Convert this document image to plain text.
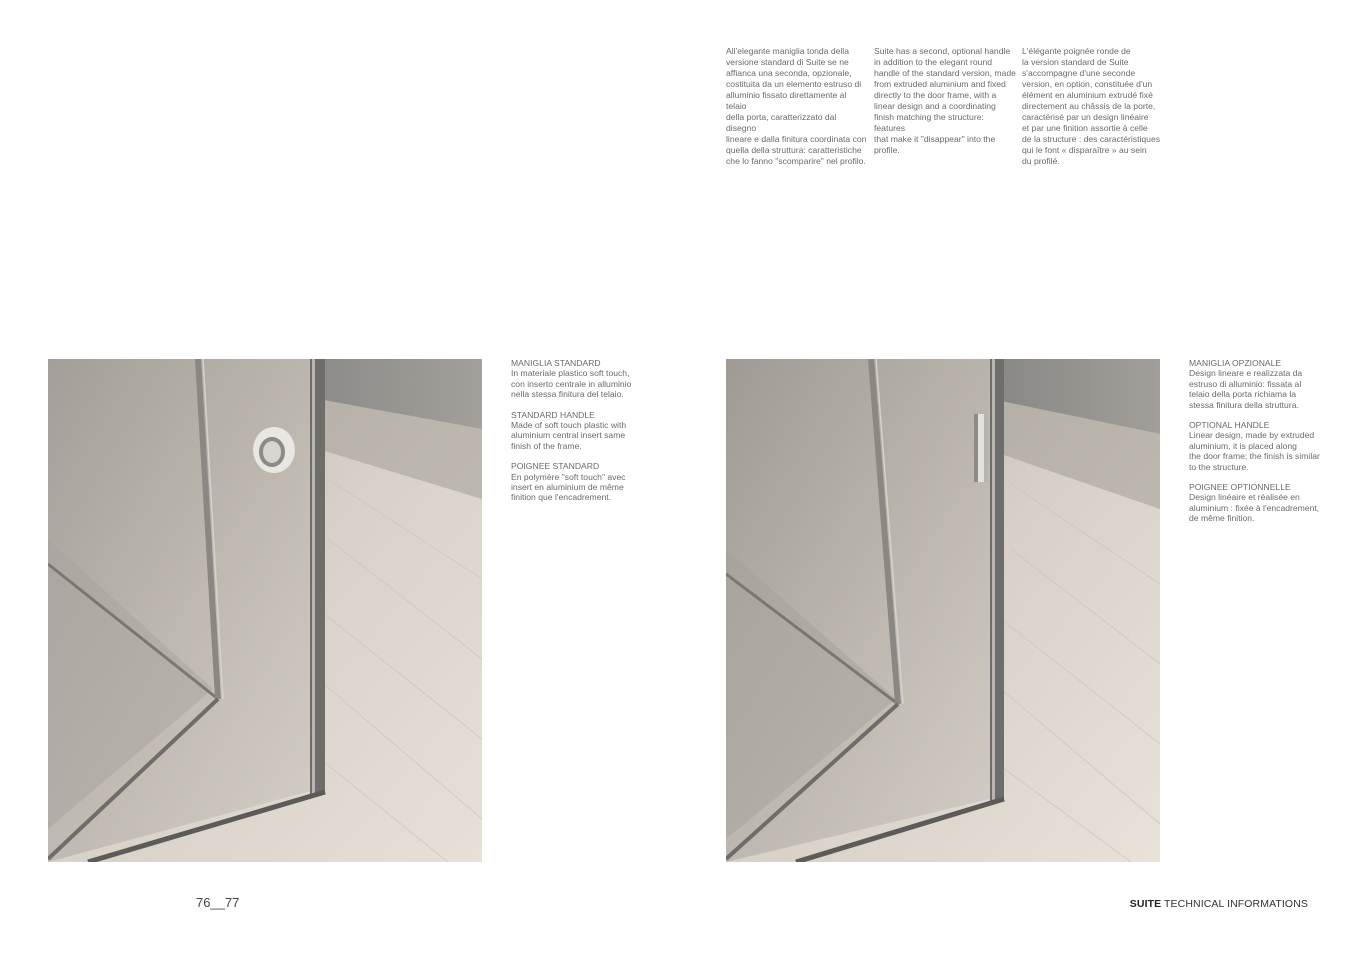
All'elegante maniglia tonda della
versione standard di Suite se ne
affianca una seconda, opzionale,
costituita da un elemento estruso di
alluminio fissato direttamente al telaio
della porta, caratterizzato dal disegno
lineare e dalla finitura coordinata con
quella della struttura: caratteristiche
che lo fanno "scomparire" nel profilo.
Suite has a second, optional handle
in addition to the elegant round
handle of the standard version, made
from extruded aluminium and fixed
directly to the door frame, with a
linear design and a coordinating
finish matching the structure: features
that make it "disappear" into the profile.
L'élégante poignée ronde de
la version standard de Suite
s'accompagne d'une seconde
version, en option, constituée d'un
élément en aluminium extrudé fixé
directement au châssis de la porte,
caractérisé par un design linéaire
et par une finition assortie à celle
de la structure : des caractéristiques
qui le font « disparaître » au sein
du profilé.
MANIGLIA STANDARD
In materiale plastico soft touch,
con inserto centrale in alluminio
nella stessa finitura del telaio.
STANDARD HANDLE
Made of soft touch plastic with
aluminium central insert same
finish of the frame.
POIGNEE STANDARD
En polymère "soft touch" avec
insert en aluminium de même
finition que l'encadrement.
MANIGLIA OPZIONALE
Design lineare e realizzata da
estruso di alluminio: fissata al
telaio della porta richiama la
stessa finitura della struttura.
OPTIONAL HANDLE
Linear design, made by extruded
aluminium, it is placed along
the door frame; the finish is similar
to the structure.
POIGNEE OPTIONNELLE
Design linéaire et réalisée en
aluminium : fixée à l'encadrement,
de même finition.
76__77	SUITE TECHNICAL INFORMATIONS
